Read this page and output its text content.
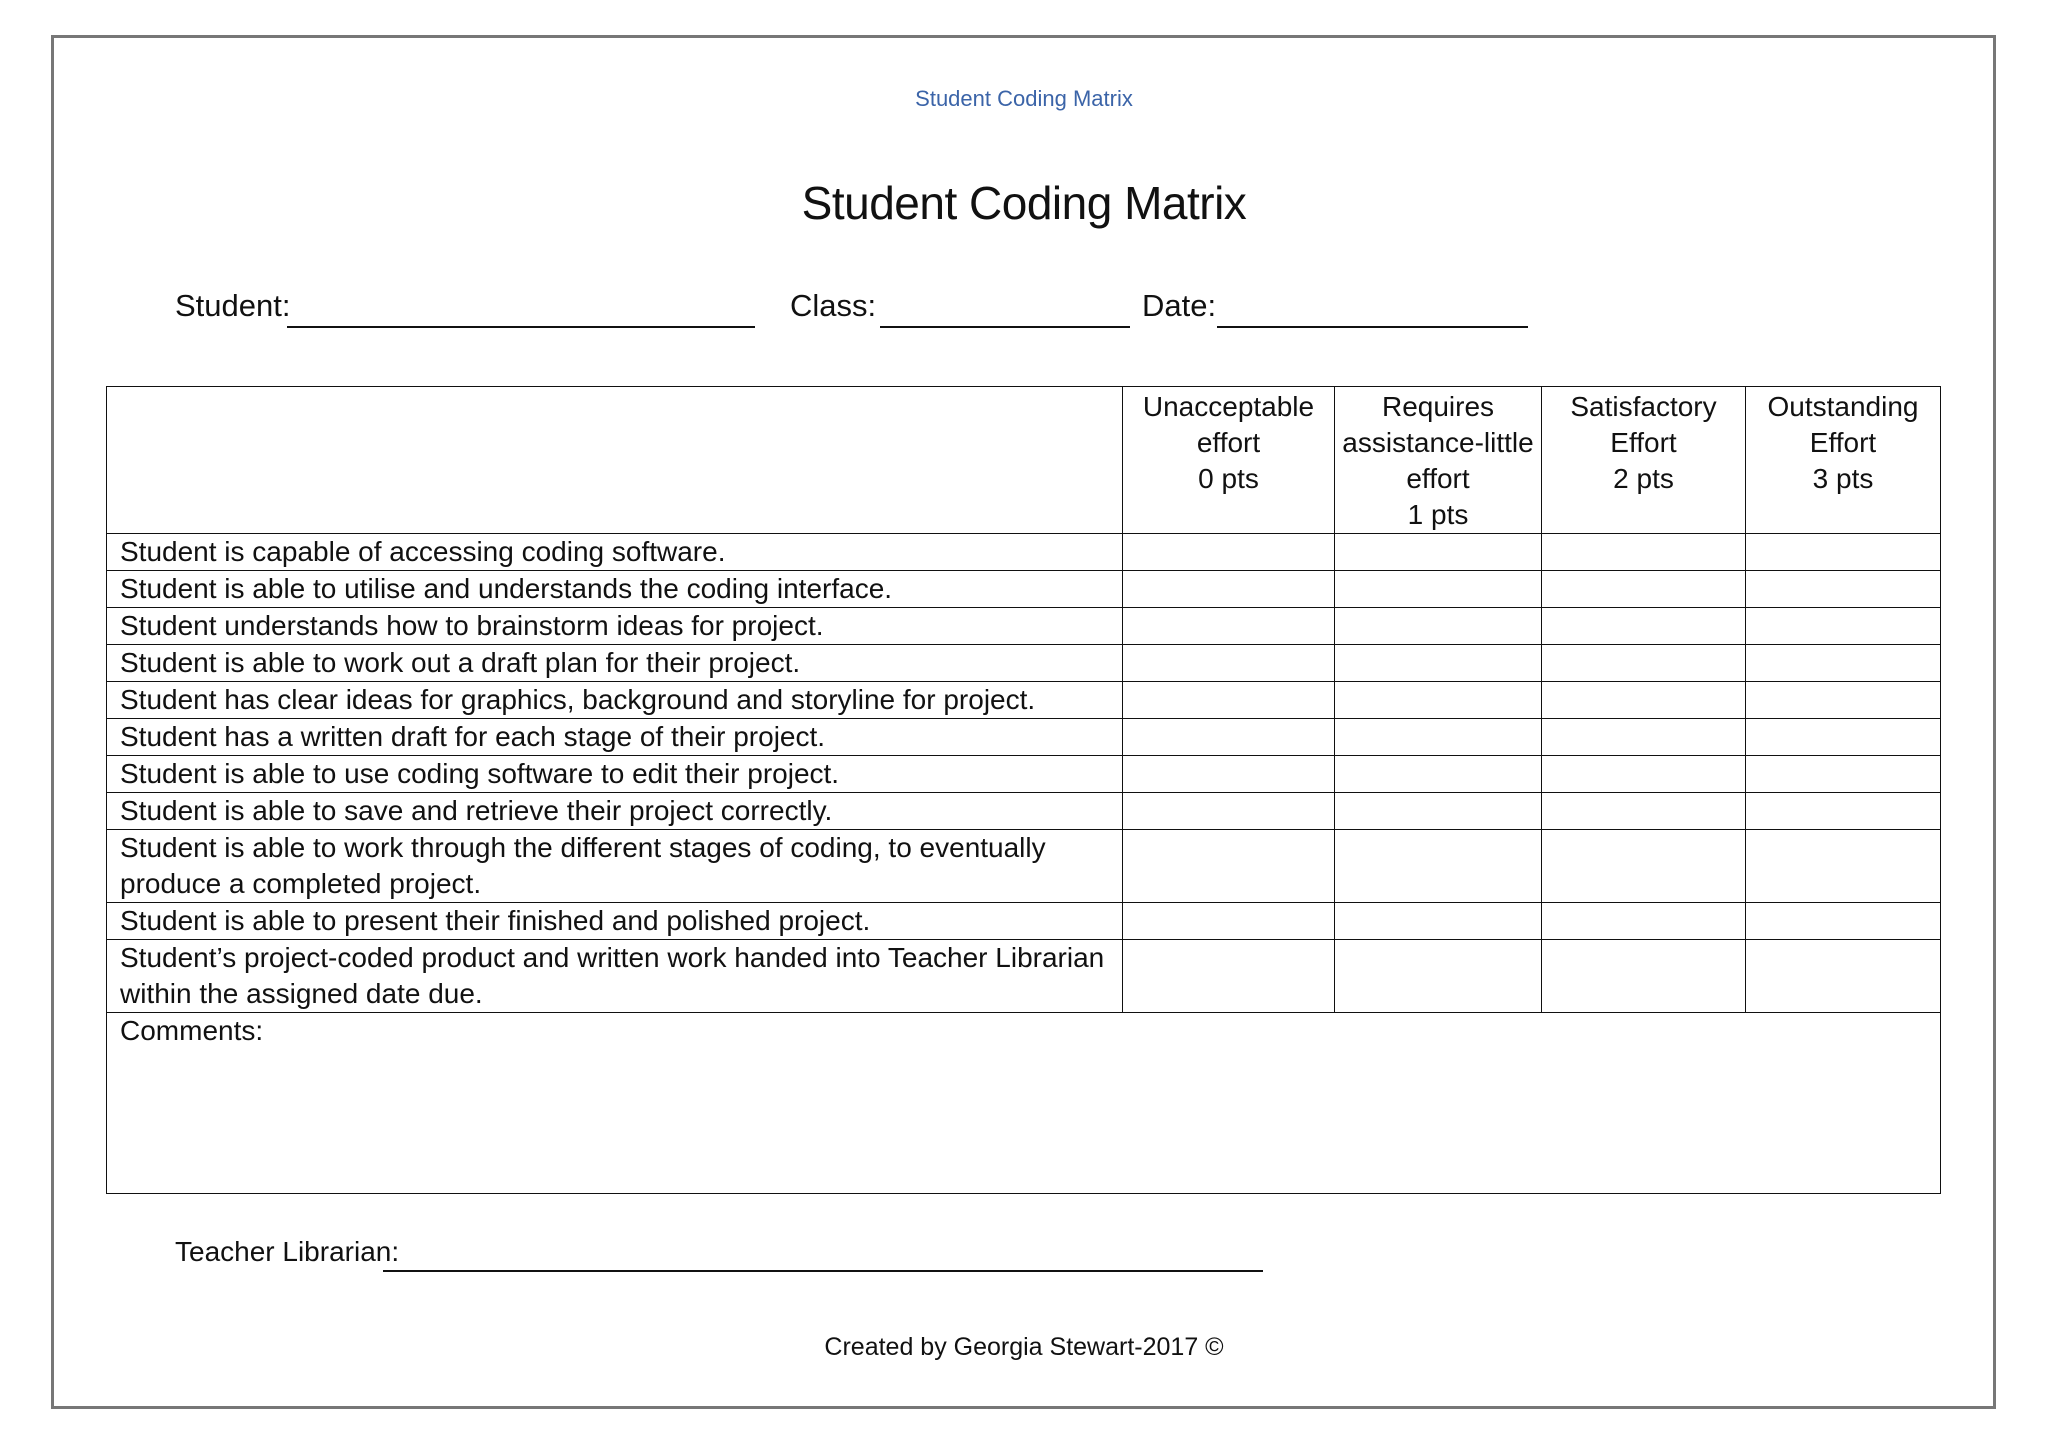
Student Coding Matrix
Student Coding Matrix
Student:	Class:	Date:

	Unacceptable
effort
0 pts	Requires
assistance-little
effort
1 pts	Satisfactory
Effort
2 pts	Outstanding
Effort
3 pts

Student is capable of accessing coding software.				
Student is able to utilise and understands the coding interface.				
Student understands how to brainstorm ideas for project.				
Student is able to work out a draft plan for their project.				
Student has clear ideas for graphics, background and storyline for project.				
Student has a written draft for each stage of their project.				
Student is able to use coding software to edit their project.				
Student is able to save and retrieve their project correctly.				
Student is able to work through the different stages of coding, to eventually produce a completed project.				
Student is able to present their finished and polished project.				
Student’s project-coded product and written work handed into Teacher Librarian within the assigned date due.				
Comments:				
Teacher Librarian:
Created by Georgia Stewart-2017 ©
